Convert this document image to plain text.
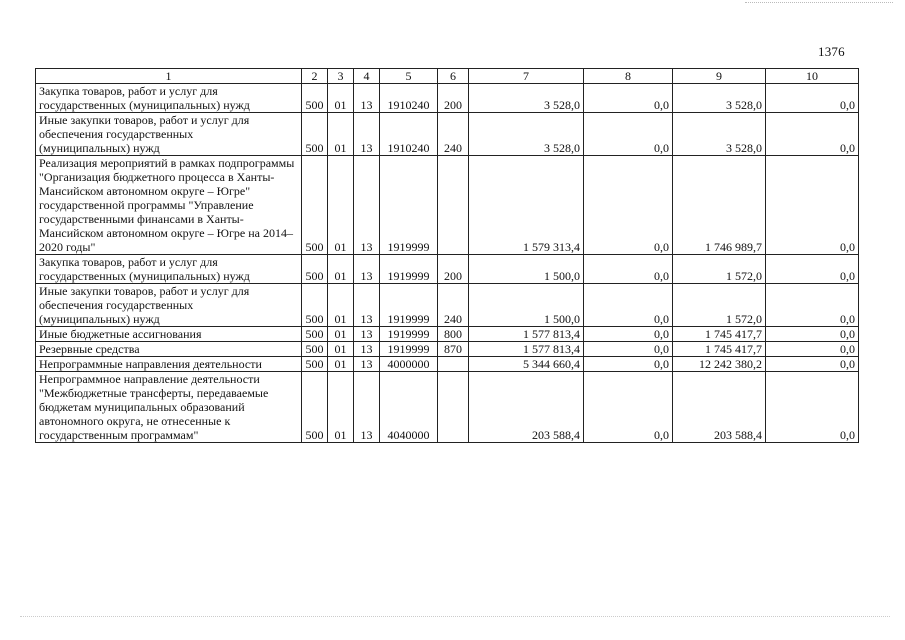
1376
1	2	3	4	5	6	7	8	9	10
Закупка товаров, работ и услуг для государственных (муниципальных) нужд	500	01	13	1910240	200	3 528,0	0,0	3 528,0	0,0
Иные закупки товаров, работ и услуг для обеспечения государственных (муниципальных) нужд	500	01	13	1910240	240	3 528,0	0,0	3 528,0	0,0
Реализация мероприятий в рамках подпрограммы "Организация бюджетного процесса в Ханты-Мансийском автономном округе – Югре" государственной программы "Управление государственными финансами в Ханты-Мансийском автономном округе – Югре на 2014–2020 годы"	500	01	13	1919999		1 579 313,4	0,0	1 746 989,7	0,0
Закупка товаров, работ и услуг для государственных (муниципальных) нужд	500	01	13	1919999	200	1 500,0	0,0	1 572,0	0,0
Иные закупки товаров, работ и услуг для обеспечения государственных (муниципальных) нужд	500	01	13	1919999	240	1 500,0	0,0	1 572,0	0,0
Иные бюджетные ассигнования	500	01	13	1919999	800	1 577 813,4	0,0	1 745 417,7	0,0
Резервные средства	500	01	13	1919999	870	1 577 813,4	0,0	1 745 417,7	0,0
Непрограммные направления деятельности	500	01	13	4000000		5 344 660,4	0,0	12 242 380,2	0,0
Непрограммное направление деятельности "Межбюджетные трансферты, передаваемые бюджетам муниципальных образований автономного округа, не отнесенные к государственным программам"	500	01	13	4040000		203 588,4	0,0	203 588,4	0,0
